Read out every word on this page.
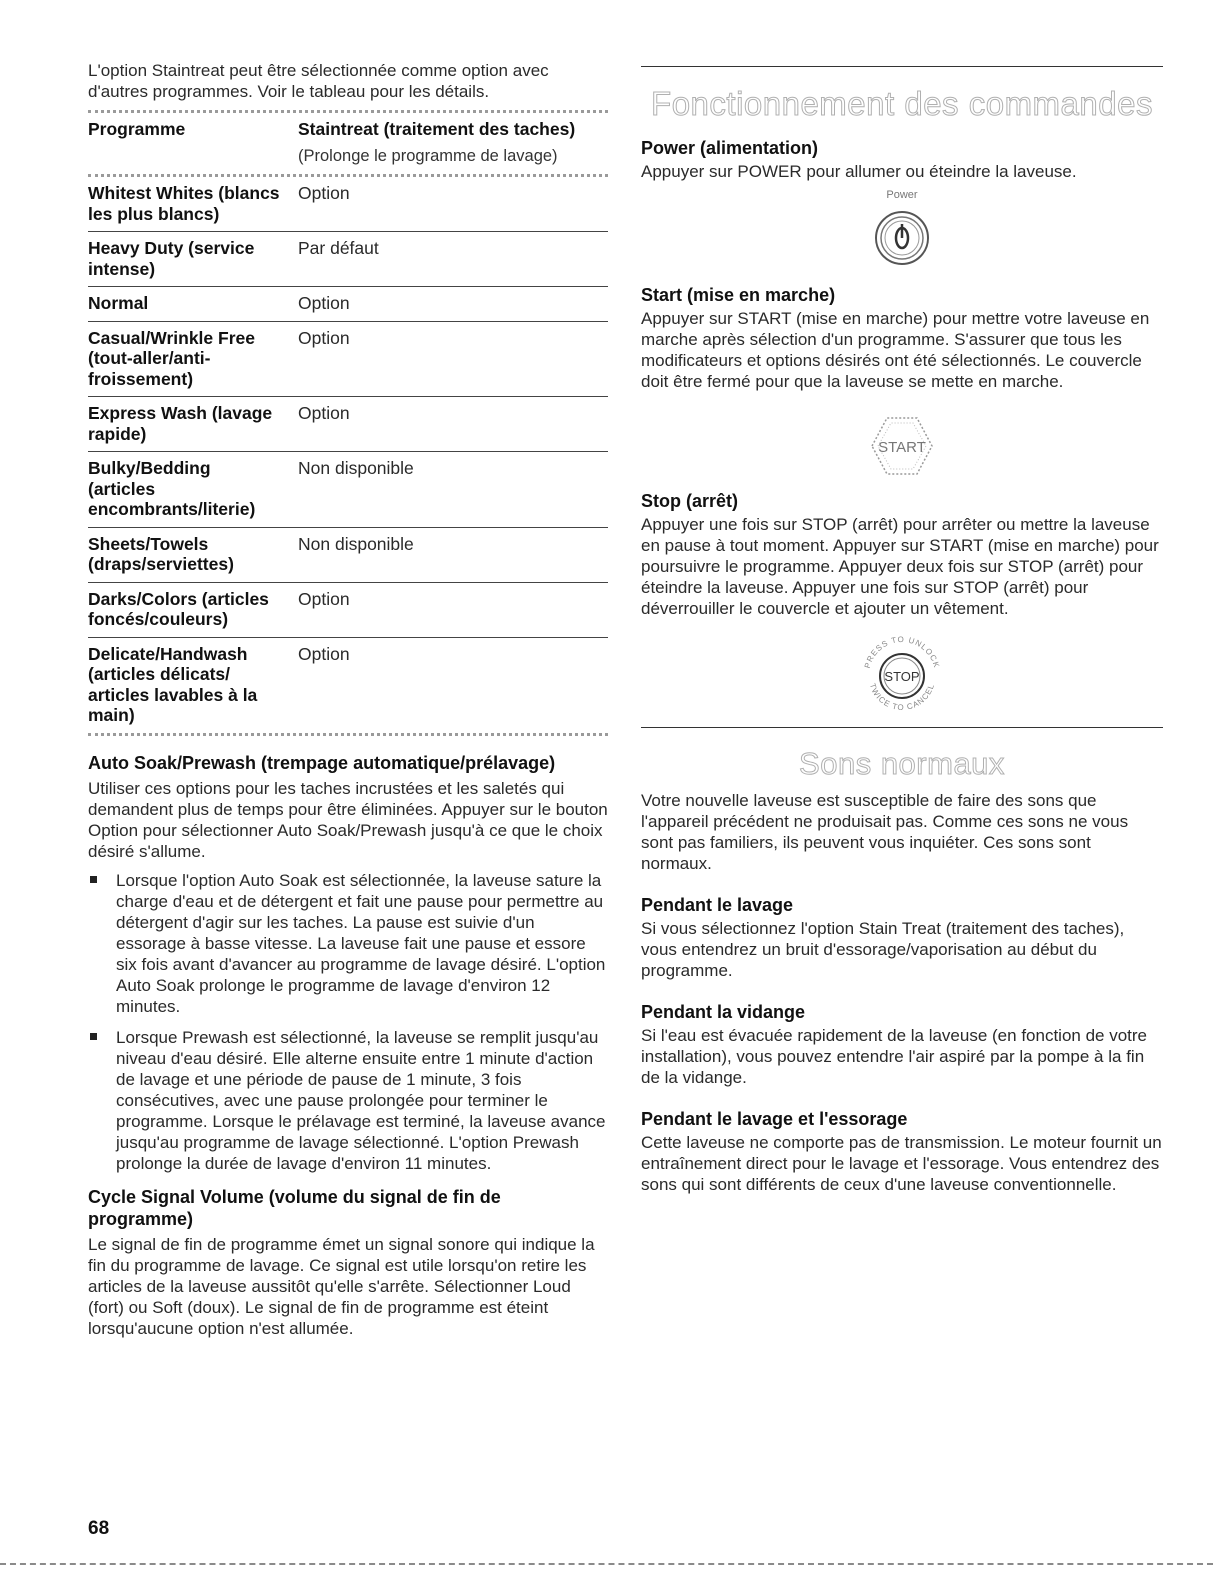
L'option Staintreat peut être sélectionnée comme option avec d'autres programmes. Voir le tableau pour les détails.

Programme	Staintreat (traitement des taches)
(Prolonge le programme de lavage)
Whitest Whites (blancs les plus blancs)
Option
Heavy Duty (service intense)
Par défaut
Normal	Option
Casual/Wrinkle Free (tout-aller/anti-froissement)
Option
Express Wash (lavage rapide)
Option
Bulky/Bedding (articles encombrants/literie)
Non disponible
Sheets/Towels (draps/serviettes)
Non disponible
Darks/Colors (articles foncés/couleurs)
Option
Delicate/Handwash (articles délicats/ articles lavables à la main)
Option

Auto Soak/Prewash (trempage automatique/prélavage)

Utiliser ces options pour les taches incrustées et les saletés qui demandent plus de temps pour être éliminées. Appuyer sur le bouton Option pour sélectionner Auto Soak/Prewash jusqu'à ce que le choix désiré s'allume.

Lorsque l'option Auto Soak est sélectionnée, la laveuse sature la charge d'eau et de détergent et fait une pause pour permettre au détergent d'agir sur les taches. La pause est suivie d'un essorage à basse vitesse. La laveuse fait une pause et essore six fois avant d'avancer au programme de lavage désiré. L'option Auto Soak prolonge le programme de lavage d'environ 12 minutes.
Lorsque Prewash est sélectionné, la laveuse se remplit jusqu'au niveau d'eau désiré. Elle alterne ensuite entre 1 minute d'action de lavage et une période de pause de 1 minute, 3 fois consécutives, avec une pause prolongée pour terminer le programme. Lorsque le prélavage est terminé, la laveuse avance jusqu'au programme de lavage sélectionné. L'option Prewash prolonge la durée de lavage d'environ 11 minutes.

Cycle Signal Volume (volume du signal de fin de programme)

Le signal de fin de programme émet un signal sonore qui indique la fin du programme de lavage. Ce signal est utile lorsqu'on retire les articles de la laveuse aussitôt qu'elle s'arrête. Sélectionner Loud (fort) ou Soft (doux). Le signal de fin de programme est éteint lorsqu'aucune option n'est allumée.

Fonctionnement des commandes

Power (alimentation)

Appuyer sur POWER pour allumer ou éteindre la laveuse.

Power

Start (mise en marche)

Appuyer sur START (mise en marche) pour mettre votre laveuse en marche après sélection d'un programme. S'assurer que tous les modificateurs et options désirés ont été sélectionnés. Le couvercle doit être fermé pour que la laveuse se mette en marche.

START

Stop (arrêt)

Appuyer une fois sur STOP (arrêt) pour arrêter ou mettre la laveuse en pause à tout moment. Appuyer sur START (mise en marche) pour poursuivre le programme. Appuyer deux fois sur STOP (arrêt) pour éteindre la laveuse. Appuyer une fois sur STOP (arrêt) pour déverrouiller le couvercle et ajouter un vêtement.

PRESS TO UNLOCK
TWICE TO CANCEL
STOP
Sons normaux

Votre nouvelle laveuse est susceptible de faire des sons que l'appareil précédent ne produisait pas. Comme ces sons ne vous sont pas familiers, ils peuvent vous inquiéter. Ces sons sont normaux.

Pendant le lavage

Si vous sélectionnez l'option Stain Treat (traitement des taches), vous entendrez un bruit d'essorage/vaporisation au début du programme.

Pendant la vidange

Si l'eau est évacuée rapidement de la laveuse (en fonction de votre installation), vous pouvez entendre l'air aspiré par la pompe à la fin de la vidange.

Pendant le lavage et l'essorage

Cette laveuse ne comporte pas de transmission. Le moteur fournit un entraînement direct pour le lavage et l'essorage. Vous entendrez des sons qui sont différents de ceux d'une laveuse conventionnelle.

68
